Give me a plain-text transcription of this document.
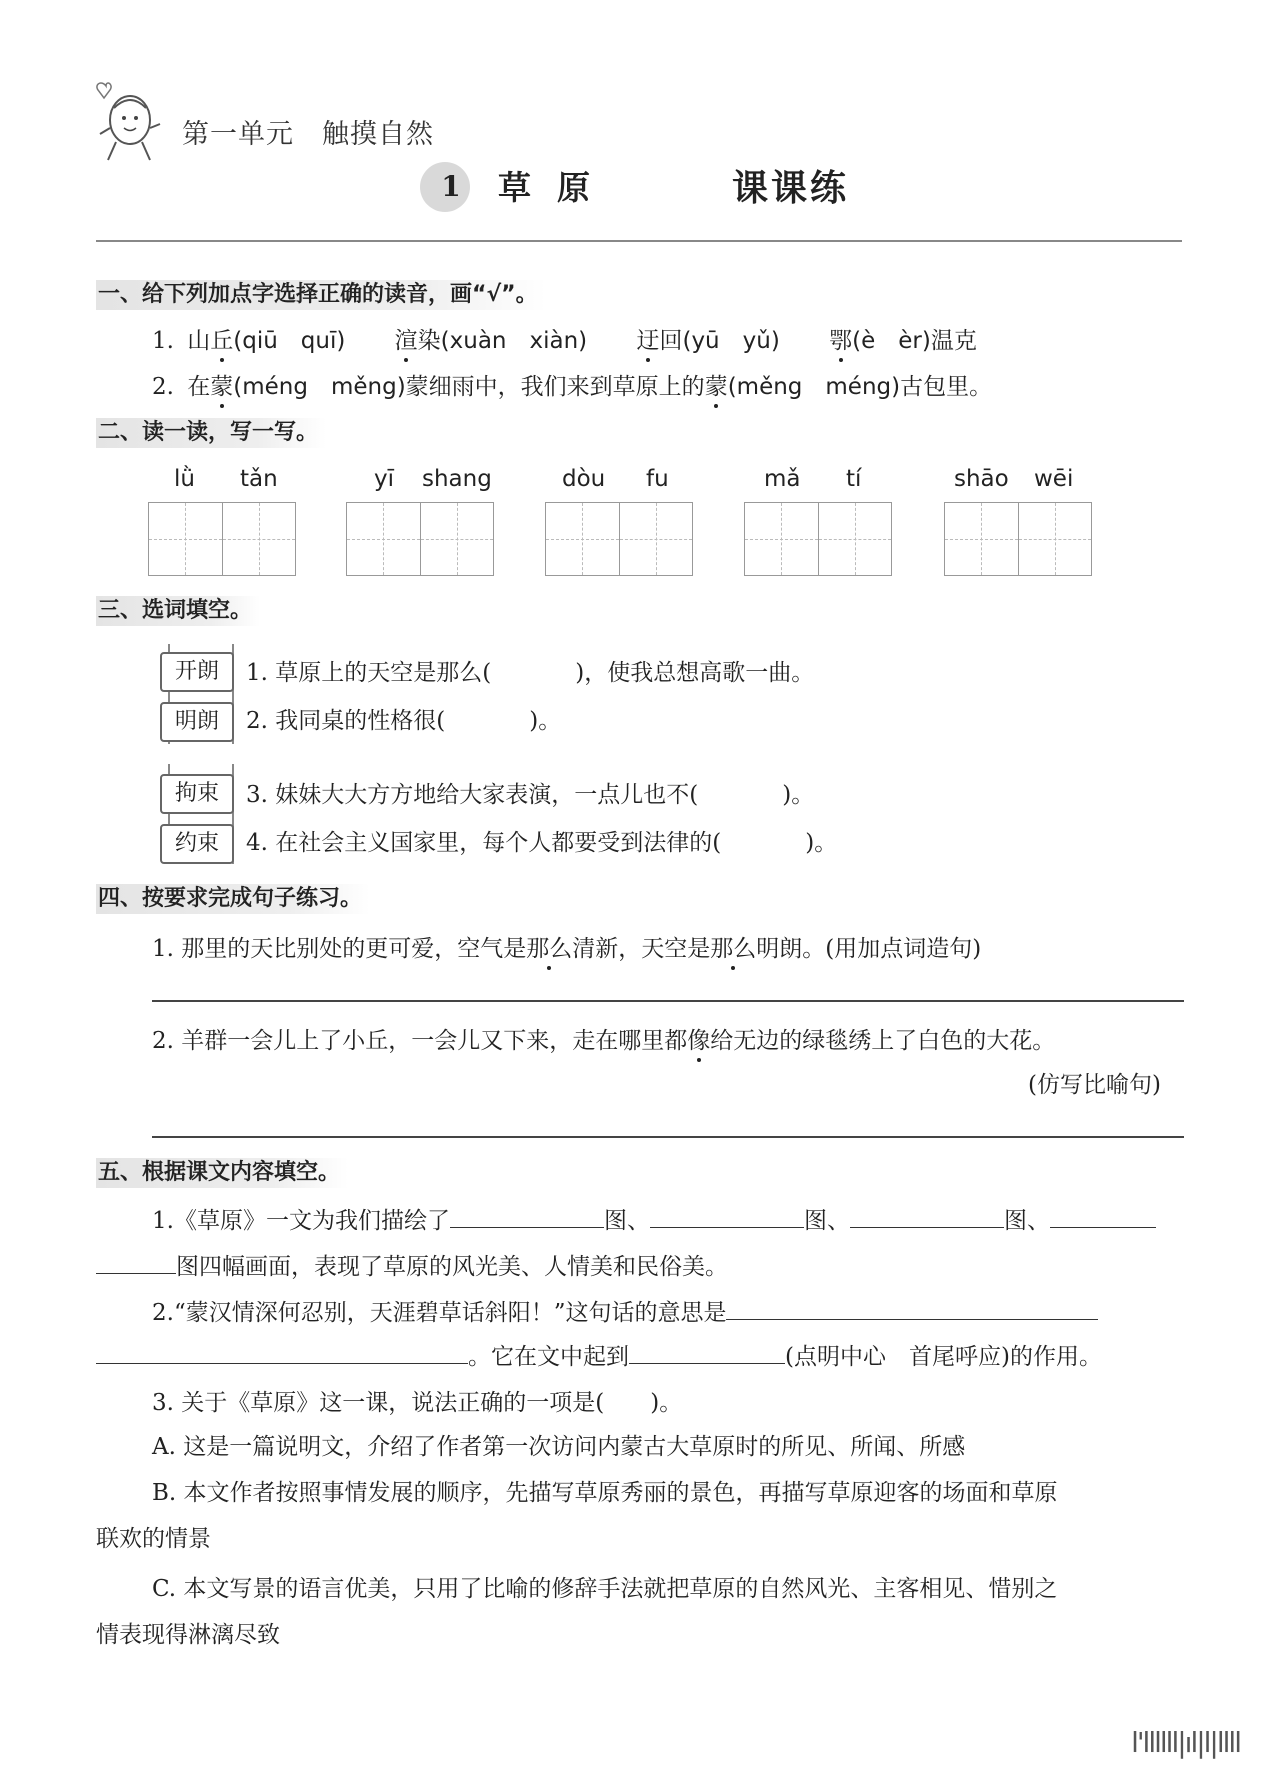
第一单元　触摸自然
1 草原	课课练
一、给下列加点字选择正确的读音，画“√”。
1. 山丘(qiū　quī) 渲染(xuàn　xiàn) 迂回(yū　yǔ) 鄂(è　èr)温克
2. 在蒙(méng　měng)蒙细雨中，我们来到草原上的蒙(měng　méng)古包里。
二、读一读，写一写。
lǜ tǎn	yī shang	dòu fu	mǎ tí	shāo wēi
三、选词填空。
开朗
明朗
拘束
约束
1. 草原上的天空是那么(	)，使我总想高歌一曲。
2. 我同桌的性格很(	)。
3. 妹妹大大方方地给大家表演，一点儿也不(	)。
4. 在社会主义国家里，每个人都要受到法律的(	)。
四、按要求完成句子练习。
1. 那里的天比别处的更可爱，空气是那么清新，天空是那么明朗。(用加点词造句)
2. 羊群一会儿上了小丘，一会儿又下来，走在哪里都像给无边的绿毯绣上了白色的大花。
(仿写比喻句)
五、根据课文内容填空。
1.《草原》一文为我们描绘了	图、	图、	图、
图四幅画面，表现了草原的风光美、人情美和民俗美。
2.“蒙汉情深何忍别，天涯碧草话斜阳！”这句话的意思是
。它在文中起到	(点明中心　首尾呼应)的作用。
3. 关于《草原》这一课，说法正确的一项是(　　)。
A. 这是一篇说明文，介绍了作者第一次访问内蒙古大草原时的所见、所闻、所感
B. 本文作者按照事情发展的顺序，先描写草原秀丽的景色，再描写草原迎客的场面和草原
联欢的情景
C. 本文写景的语言优美，只用了比喻的修辞手法就把草原的自然风光、主客相见、惜别之
情表现得淋漓尽致
l'llllll|ıl|l|llll
